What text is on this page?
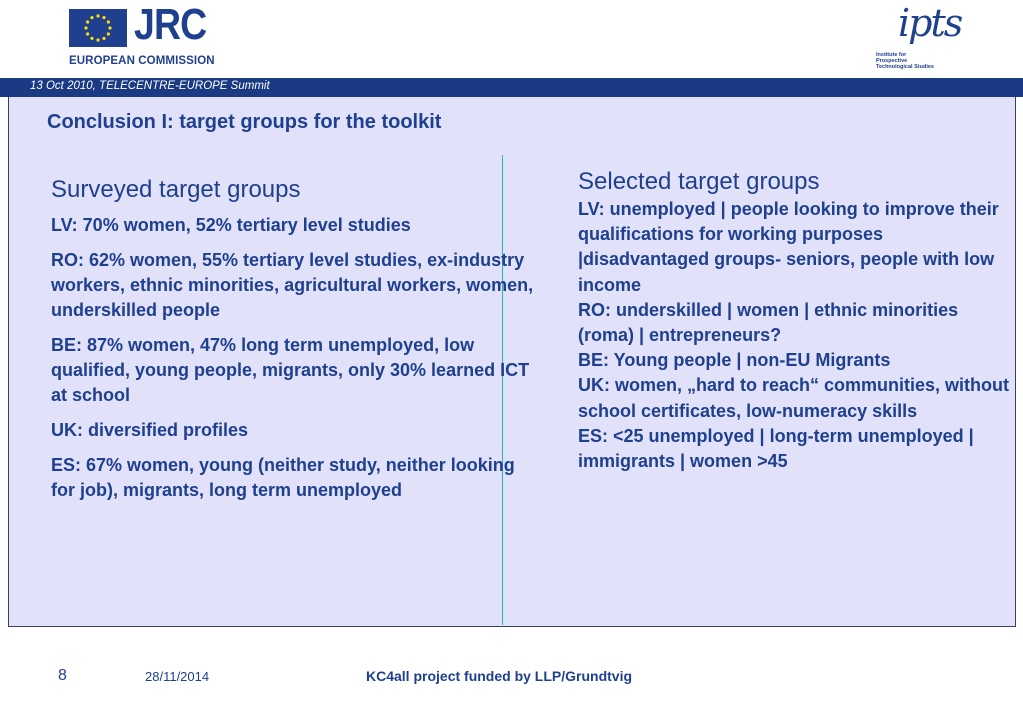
JRC
EUROPEAN COMMISSION
ipts
Institute for
Prospective
Technological Studies
13 Oct 2010, TELECENTRE-EUROPE Summit
Conclusion I: target groups for the toolkit
Surveyed target groups

LV: 70% women, 52% tertiary level studies

RO: 62% women, 55% tertiary level studies, ex-industry workers, ethnic minorities, agricultural workers, women, underskilled people

BE: 87% women, 47% long term unemployed, low qualified, young people, migrants, only 30% learned ICT at school

UK: diversified profiles

ES: 67% women, young (neither study, neither looking for job), migrants, long term unemployed

Selected target groups

LV: unemployed | people looking to improve their qualifications for working purposes |disadvantaged groups- seniors, people with low income

RO: underskilled | women | ethnic minorities (roma) | entrepreneurs?

BE: Young people | non-EU Migrants

UK: women, „hard to reach“ communities, without school certificates, low-numeracy skills

ES: <25 unemployed | long-term unemployed | immigrants | women >45

8	28/11/2014	KC4all project funded by LLP/Grundtvig
